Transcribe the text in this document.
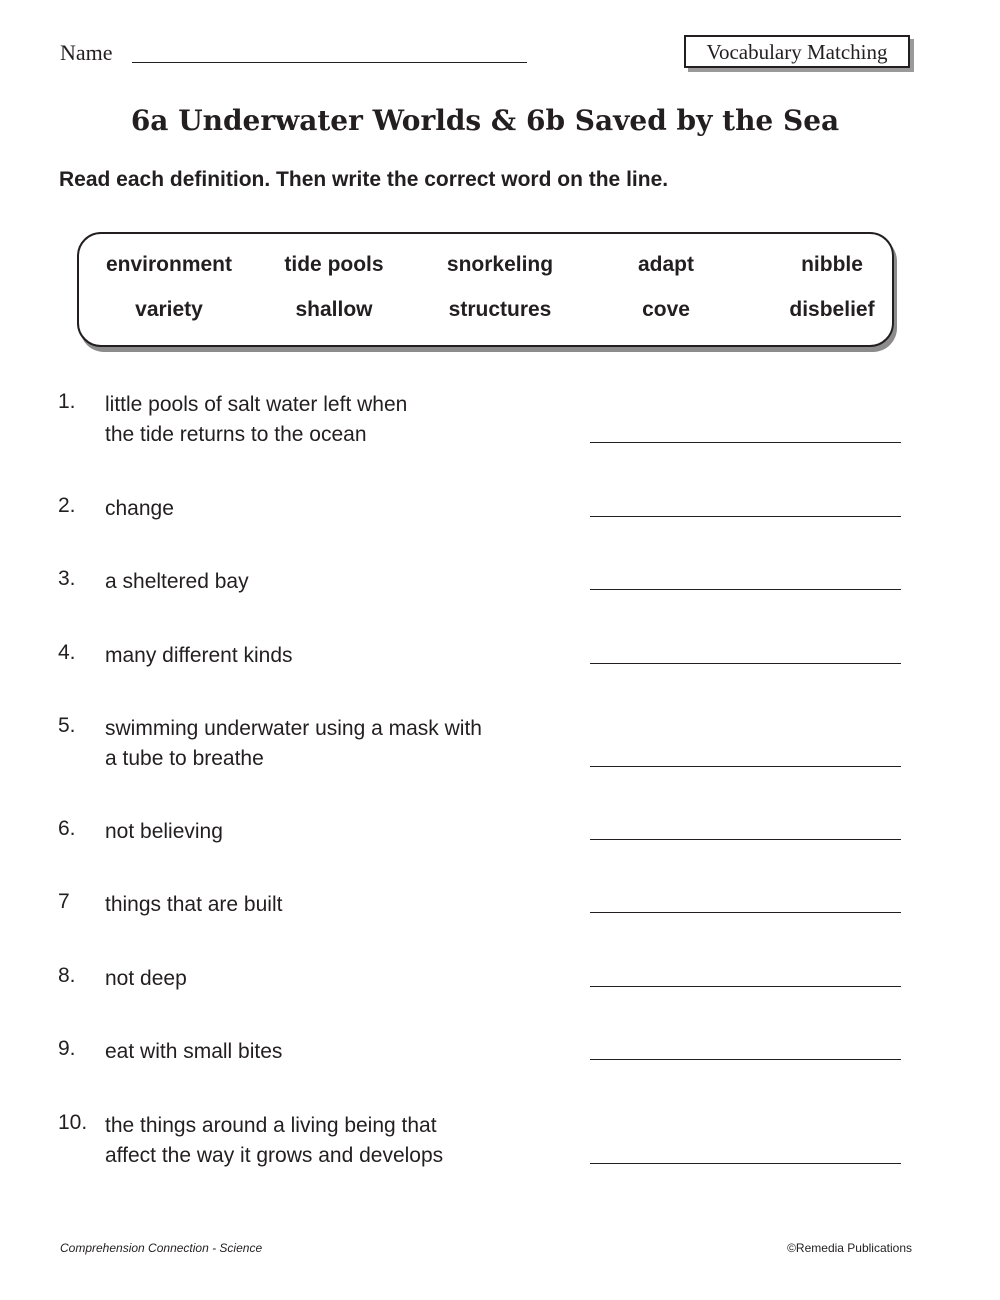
Name	Vocabulary Matching
6a Underwater Worlds & 6b Saved by the Sea
Read each definition. Then write the correct word on the line.
environment	tide pools	snorkeling	adapt	nibble
variety	shallow	structures	cove	disbelief
1. little pools of salt water left when
the tide returns to the ocean
2. change
3. a sheltered bay
4. many different kinds
5. swimming underwater using a mask with
a tube to breathe
6. not believing
7 things that are built
8. not deep
9. eat with small bites
10. the things around a living being that
affect the way it grows and develops
Comprehension Connection - Science	©Remedia Publications
